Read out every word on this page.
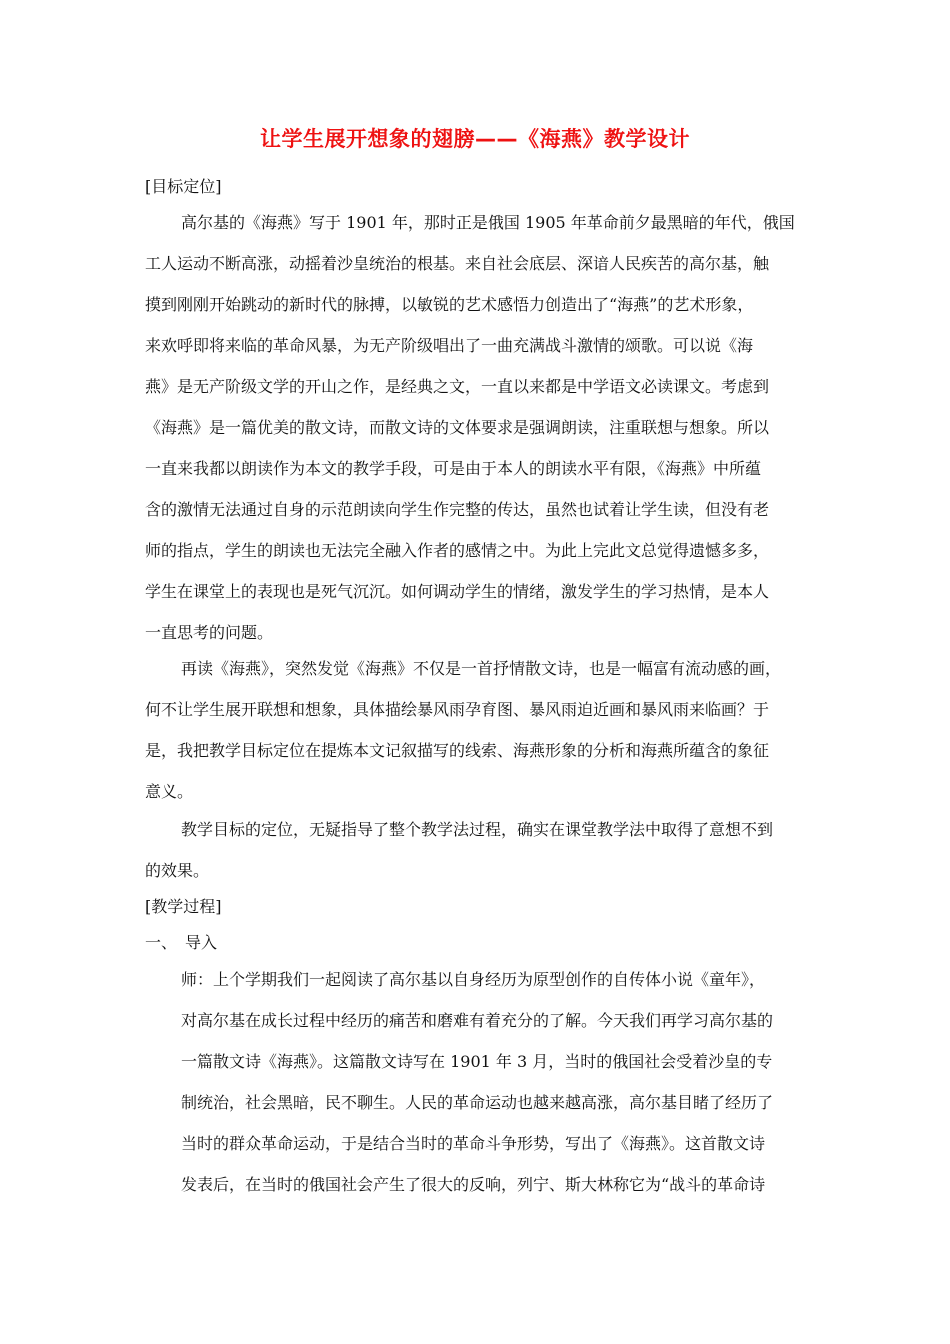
让学生展开想象的翅膀——《海燕》教学设计
[目标定位]
高尔基的《海燕》写于 1901 年，那时正是俄国 1905 年革命前夕最黑暗的年代，俄国
工人运动不断高涨，动摇着沙皇统治的根基。来自社会底层、深谙人民疾苦的高尔基，触
摸到刚刚开始跳动的新时代的脉搏，以敏锐的艺术感悟力创造出了“海燕”的艺术形象，
来欢呼即将来临的革命风暴，为无产阶级唱出了一曲充满战斗激情的颂歌。可以说《海
燕》是无产阶级文学的开山之作，是经典之文，一直以来都是中学语文必读课文。考虑到
《海燕》是一篇优美的散文诗，而散文诗的文体要求是强调朗读，注重联想与想象。所以
一直来我都以朗读作为本文的教学手段，可是由于本人的朗读水平有限，《海燕》中所蕴
含的激情无法通过自身的示范朗读向学生作完整的传达，虽然也试着让学生读，但没有老
师的指点，学生的朗读也无法完全融入作者的感情之中。为此上完此文总觉得遗憾多多，
学生在课堂上的表现也是死气沉沉。如何调动学生的情绪，激发学生的学习热情，是本人
一直思考的问题。
再读《海燕》，突然发觉《海燕》不仅是一首抒情散文诗，也是一幅富有流动感的画，
何不让学生展开联想和想象，具体描绘暴风雨孕育图、暴风雨迫近画和暴风雨来临画？于
是，我把教学目标定位在提炼本文记叙描写的线索、海燕形象的分析和海燕所蕴含的象征
意义。
教学目标的定位，无疑指导了整个教学法过程，确实在课堂教学法中取得了意想不到
的效果。
[教学过程]
一、 导入
师：上个学期我们一起阅读了高尔基以自身经历为原型创作的自传体小说《童年》，
对高尔基在成长过程中经历的痛苦和磨难有着充分的了解。今天我们再学习高尔基的
一篇散文诗《海燕》。这篇散文诗写在 1901 年 3 月，当时的俄国社会受着沙皇的专
制统治，社会黑暗，民不聊生。人民的革命运动也越来越高涨，高尔基目睹了经历了
当时的群众革命运动，于是结合当时的革命斗争形势，写出了《海燕》。这首散文诗
发表后，在当时的俄国社会产生了很大的反响，列宁、斯大林称它为“战斗的革命诗
